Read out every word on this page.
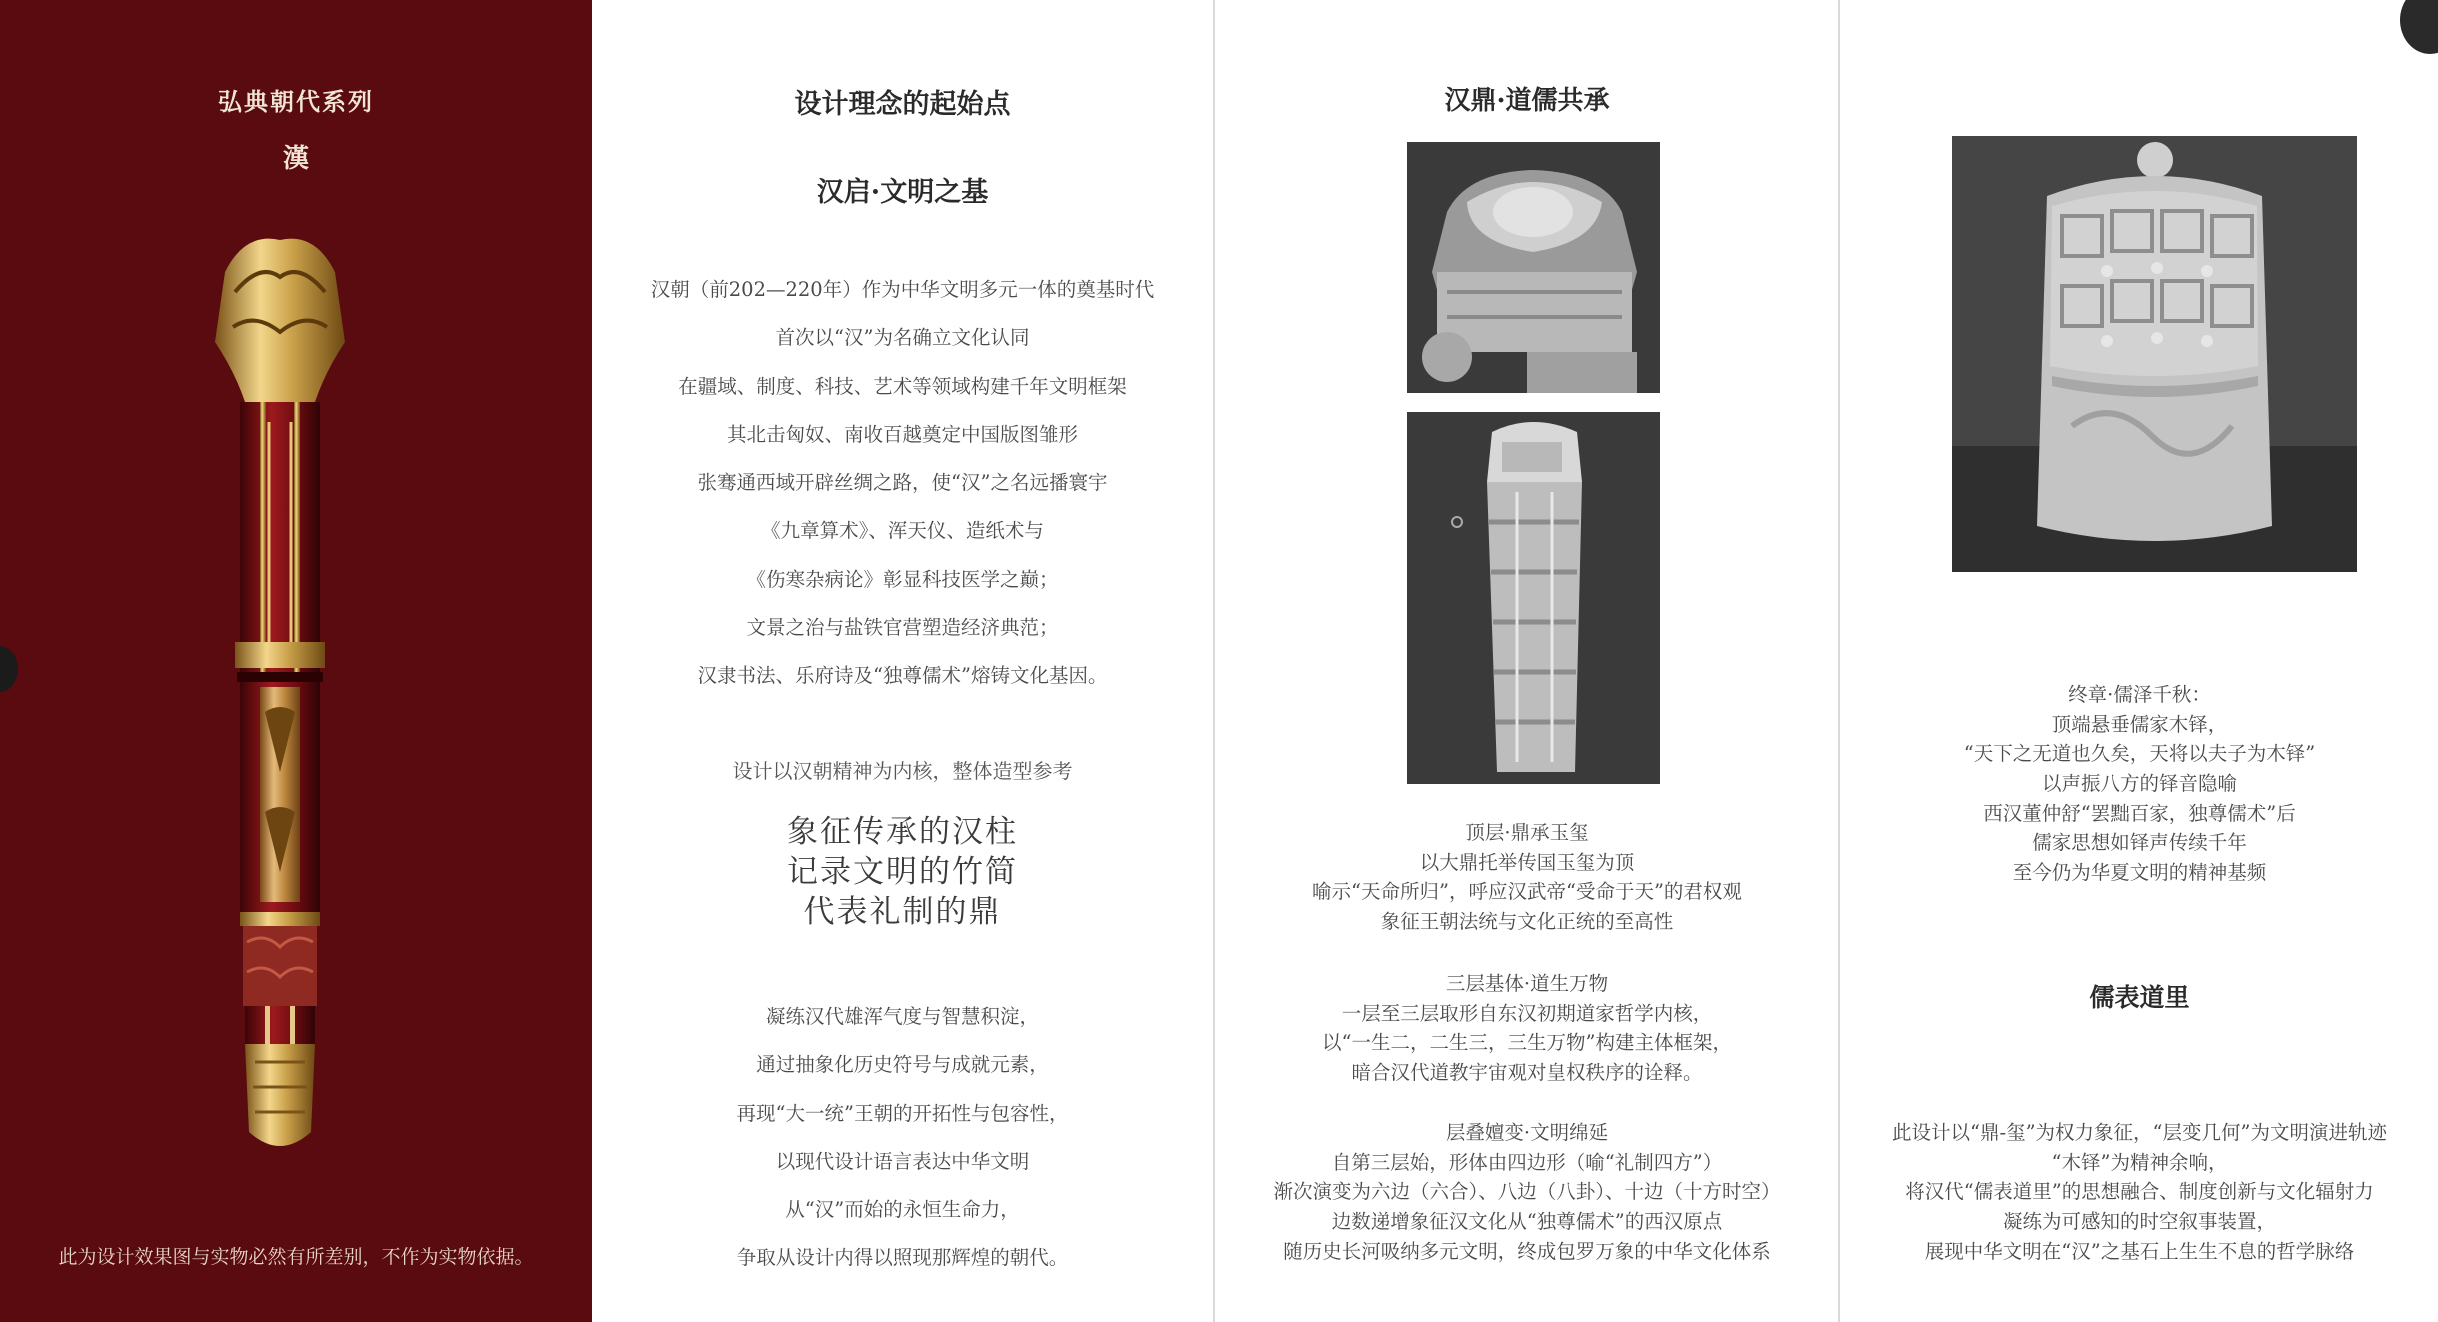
弘典朝代系列
漢
此为设计效果图与实物必然有所差别，不作为实物依据。
设计理念的起始点
汉启·文明之基
汉朝（前202—220年）作为中华文明多元一体的奠基时代
首次以“汉”为名确立文化认同
在疆域、制度、科技、艺术等领域构建千年文明框架
其北击匈奴、南收百越奠定中国版图雏形
张骞通西域开辟丝绸之路，使“汉”之名远播寰宇
《九章算术》、浑天仪、造纸术与
《伤寒杂病论》彰显科技医学之巅；
文景之治与盐铁官营塑造经济典范；
汉隶书法、乐府诗及“独尊儒术”熔铸文化基因。
设计以汉朝精神为内核，整体造型参考
象征传承的汉柱
记录文明的竹简
代表礼制的鼎
凝练汉代雄浑气度与智慧积淀，
通过抽象化历史符号与成就元素，
再现“大一统”王朝的开拓性与包容性，
以现代设计语言表达中华文明
从“汉”而始的永恒生命力，
争取从设计内得以照现那辉煌的朝代。
汉鼎·道儒共承
顶层·鼎承玉玺
以大鼎托举传国玉玺为顶
喻示“天命所归”，呼应汉武帝“受命于天”的君权观
象征王朝法统与文化正统的至高性
三层基体·道生万物
一层至三层取形自东汉初期道家哲学内核，
以“一生二，二生三，三生万物”构建主体框架，
暗合汉代道教宇宙观对皇权秩序的诠释。
层叠嬗变·文明绵延
自第三层始，形体由四边形（喻“礼制四方”）
渐次演变为六边（六合）、八边（八卦）、十边（十方时空）
边数递增象征汉文化从“独尊儒术”的西汉原点
随历史长河吸纳多元文明，终成包罗万象的中华文化体系
终章·儒泽千秋：
顶端悬垂儒家木铎，
“天下之无道也久矣，天将以夫子为木铎”
以声振八方的铎音隐喻
西汉董仲舒“罢黜百家，独尊儒术”后
儒家思想如铎声传续千年
至今仍为华夏文明的精神基频
儒表道里
此设计以“鼎-玺”为权力象征，“层变几何”为文明演进轨迹
“木铎”为精神余响，
将汉代“儒表道里”的思想融合、制度创新与文化辐射力
凝练为可感知的时空叙事装置，
展现中华文明在“汉”之基石上生生不息的哲学脉络
